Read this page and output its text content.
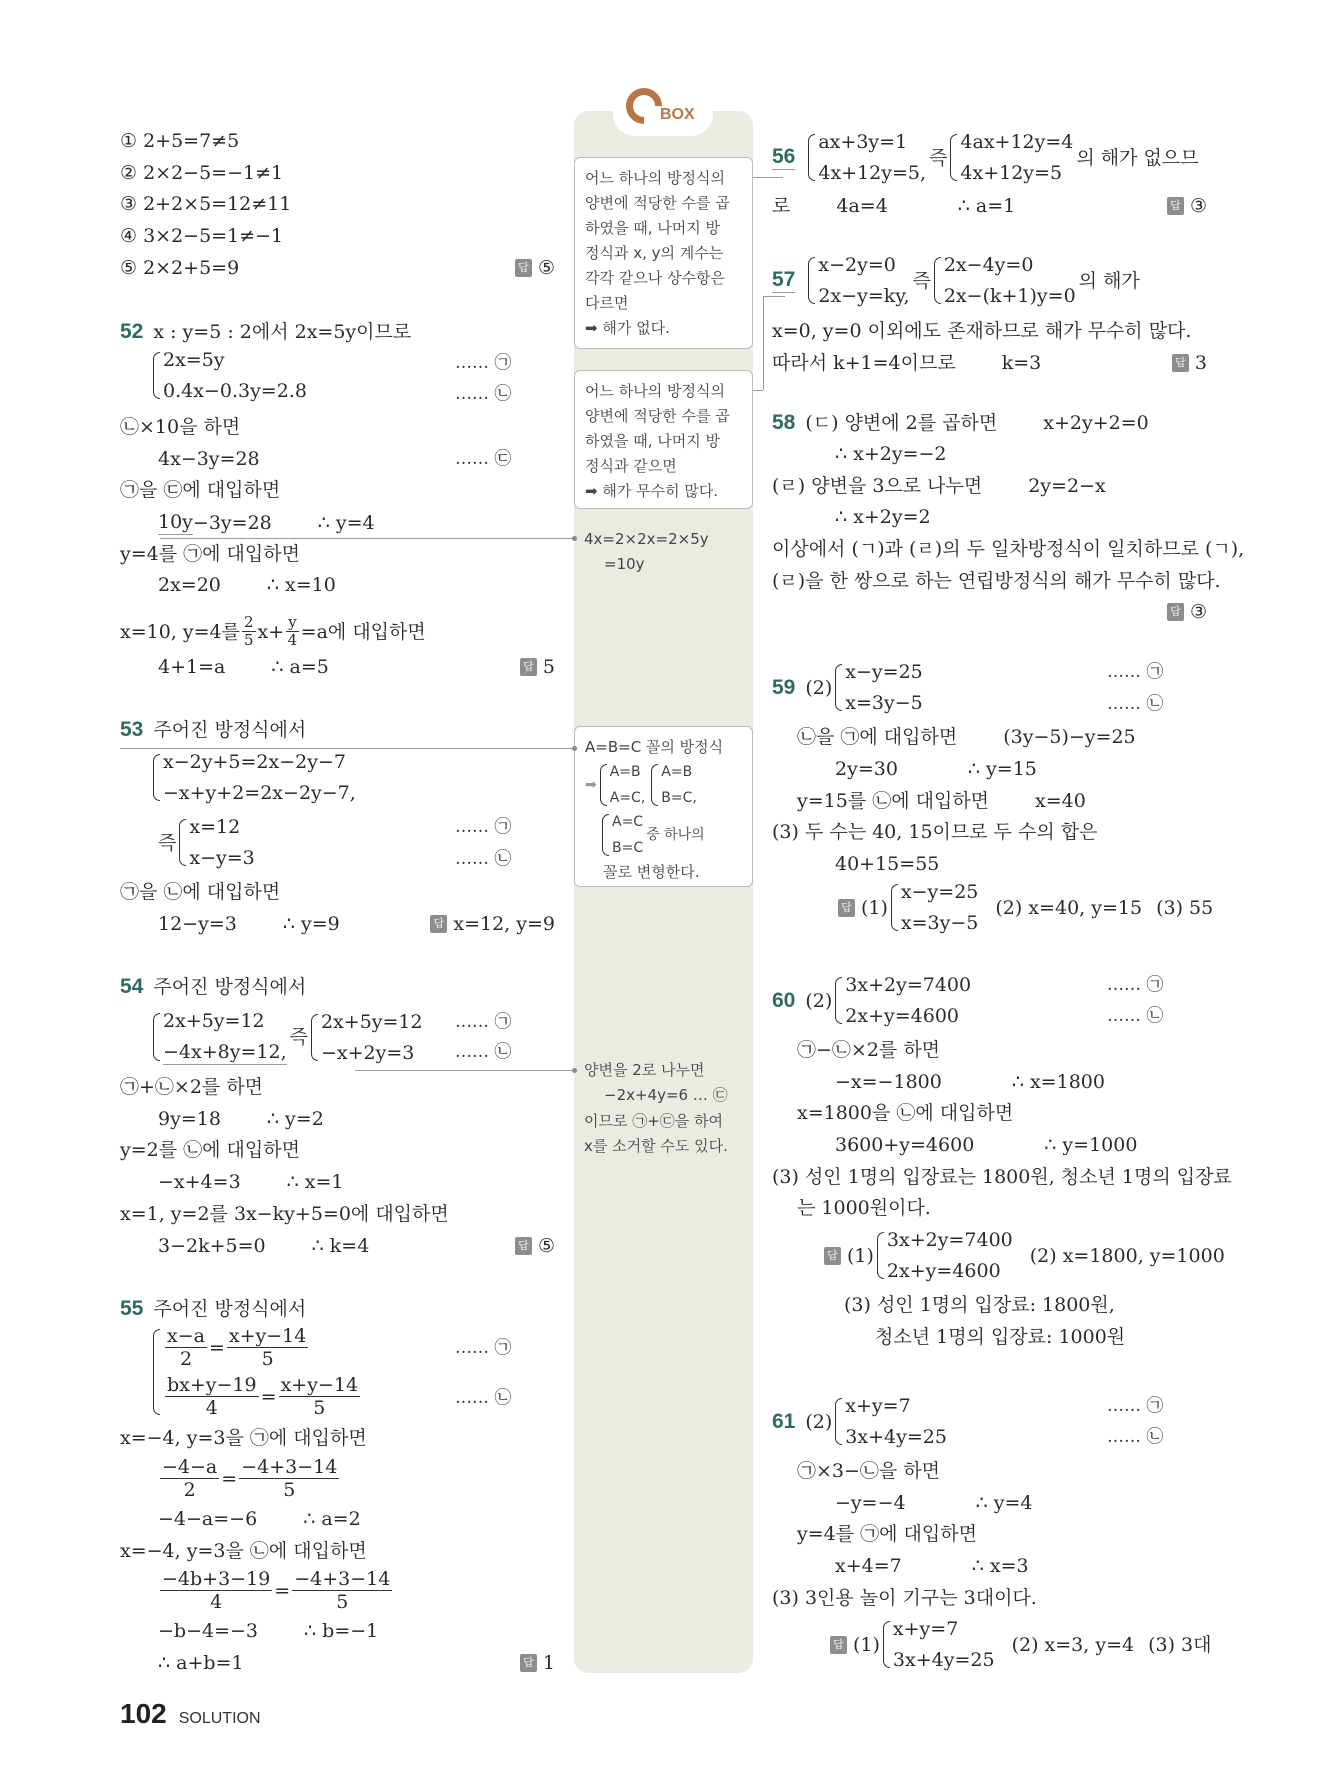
BOX
어느 하나의 방정식의
양변에 적당한 수를 곱
하였을 때, 나머지 방
정식과 x, y의 계수는
각각 같으나 상수항은
다르면
➡ 해가 없다.
어느 하나의 방정식의
양변에 적당한 수를 곱
하였을 때, 나머지 방
정식과 같으면
➡ 해가 무수히 많다.
4x=2×2x=2×5y
=10y
A=B=C 꼴의 방정식
➡
A=B
A=C,
A=B
B=C,
A=C
B=C
중 하나의
꼴로 변형한다.
양변을 2로 나누면
−2x+4y=6 … ㉢
이므로 ㉠+㉢을 하여
x를 소거할 수도 있다.
① 2+5=7≠5
② 2×2−5=−1≠1
③ 2+2×5=12≠11
④ 3×2−5=1≠−1
⑤ 2×2+5=9	답 ⑤
52 x : y=5 : 2에서 2x=5y이므로
2x=5y
0.4x−0.3y=2.8
…… ㉠
…… ㉡
㉡×10을 하면
4x−3y=28	…… ㉢
㉠을 ㉢에 대입하면
10y −3y=28 ∴ y=4
y=4를 ㉠에 대입하면
2x=20 ∴ x=10
x=10, y=4를 $\frac{2}{5} x+ \frac{y}{4} =a$에 대입하면
4+1=a ∴ a=5	답 5
53 주어진 방정식에서
x−2y+5=2x−2y−7
−x+y+2=2x−2y−7,
즉
x=12
x−y=3
…… ㉠
…… ㉡
㉠을 ㉡에 대입하면
12−y=3 ∴ y=9	답 x=12, y=9
54 주어진 방정식에서
2x+5y=12
−4x+8y=12,
즉
2x+5y=12
−x+2y=3
…… ㉠
…… ㉡
㉠+㉡×2를 하면
9y=18 ∴ y=2
y=2를 ㉡에 대입하면
−x+4=3 ∴ x=1
x=1, y=2를 3x−ky+5=0에 대입하면
3−2k+5=0 ∴ k=4	답 ⑤
55 주어진 방정식에서
$\frac{x-a}{2} = \frac{x+y-14}{5}$
$\frac{bx+y-19}{4} = \frac{x+y-14}{5}$
…… ㉠
…… ㉡
x=−4, y=3을 ㉠에 대입하면
$\frac{-4-a}{2} = \frac{-4+3-14}{5}$
−4−a=−6 ∴ a=2
x=−4, y=3을 ㉡에 대입하면
$\frac{-4b+3-19}{4} = \frac{-4+3-14}{5}$
−b−4=−3 ∴ b=−1
∴ a+b=1	답 1
56
ax+3y=1
4x+12y=5,
즉
4ax+12y=4
4x+12y=5
의 해가 없으므
로 4a=4	∴ a=1	답 ③
57
x−2y=0
2x−y=ky,
즉
2x−4y=0
2x−(k+1)y=0
의 해가
x=0, y=0 이외에도 존재하므로 해가 무수히 많다.
따라서 k+1=4이므로 k=3	답 3
58 (ㄷ) 양변에 2를 곱하면 x+2y+2=0
∴ x+2y=−2
(ㄹ) 양변을 3으로 나누면 2y=2−x
∴ x+2y=2
이상에서 (ㄱ)과 (ㄹ)의 두 일차방정식이 일치하므로 (ㄱ),
(ㄹ)을 한 쌍으로 하는 연립방정식의 해가 무수히 많다.
답 ③
59 (2)
x−y=25
x=3y−5
…… ㉠
…… ㉡
㉡을 ㉠에 대입하면 (3y−5)−y=25
2y=30	∴ y=15
y=15를 ㉡에 대입하면 x=40
(3) 두 수는 40, 15이므로 두 수의 합은
40+15=55
답 (1)
x−y=25
x=3y−5
(2) x=40, y=15 (3) 55
60 (2)
3x+2y=7400
2x+y=4600
…… ㉠
…… ㉡
㉠−㉡×2를 하면
−x=−1800	∴ x=1800
x=1800을 ㉡에 대입하면
3600+y=4600	∴ y=1000
(3) 성인 1명의 입장료는 1800원, 청소년 1명의 입장료
는 1000원이다.
답 (1)
3x+2y=7400
2x+y=4600
(2) x=1800, y=1000
(3) 성인 1명의 입장료: 1800원,
청소년 1명의 입장료: 1000원
61 (2)
x+y=7
3x+4y=25
…… ㉠
…… ㉡
㉠×3−㉡을 하면
−y=−4	∴ y=4
y=4를 ㉠에 대입하면
x+4=7	∴ x=3
(3) 3인용 놀이 기구는 3대이다.
답 (1)
x+y=7
3x+4y=25
(2) x=3, y=4 (3) 3대
102 SOLUTION
